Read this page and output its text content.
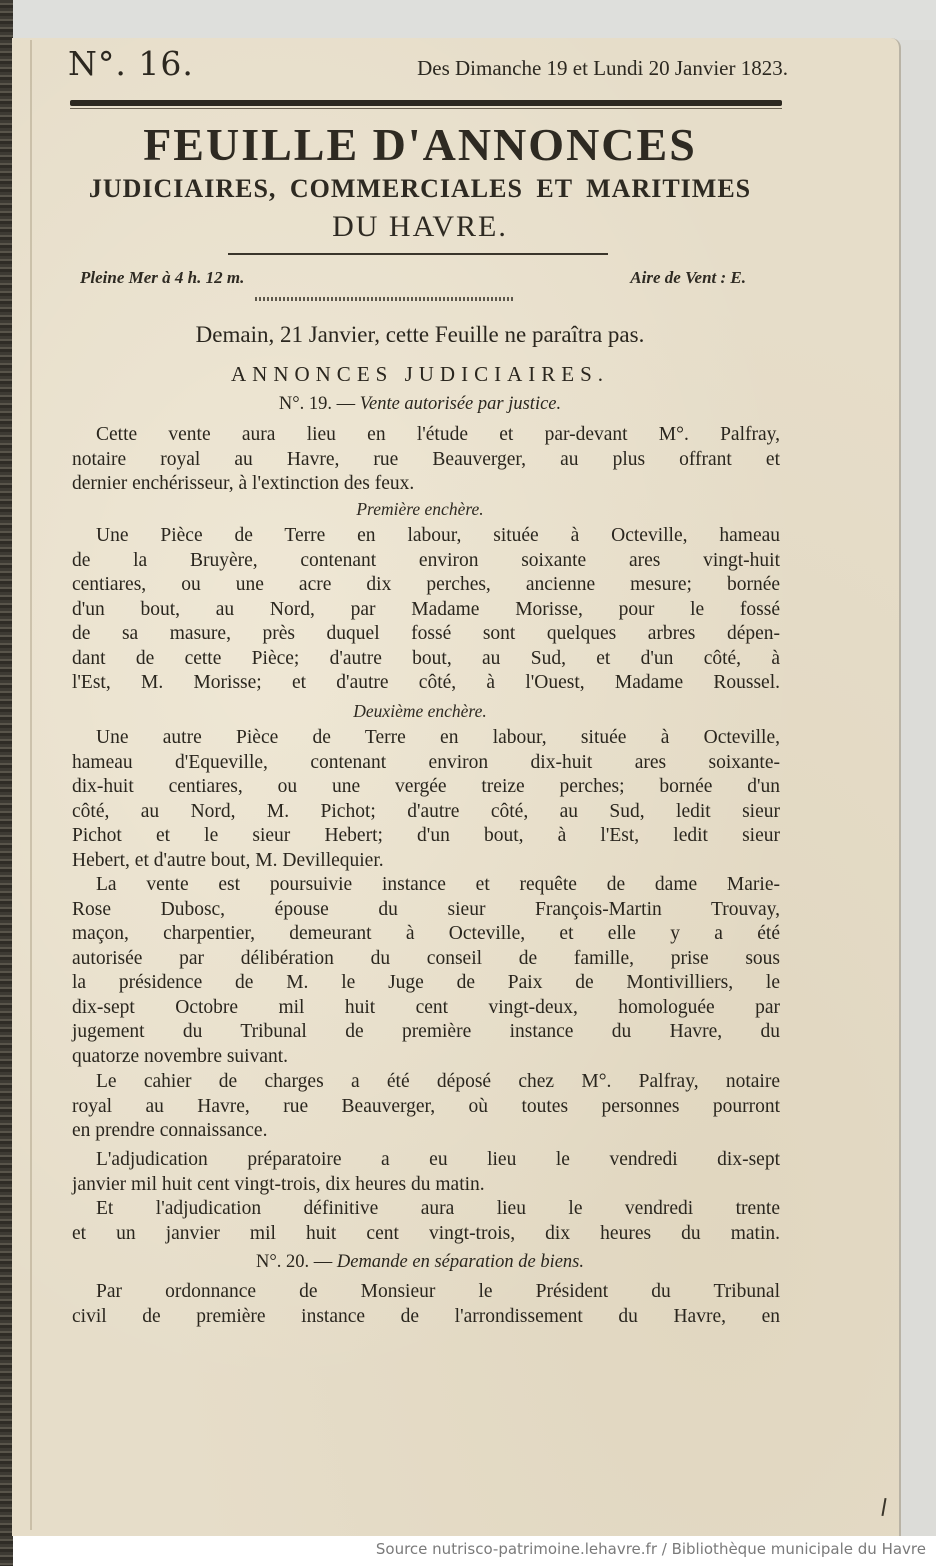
N°. 16.	Des Dimanche 19 et Lundi 20 Janvier 1823.
FEUILLE D'ANNONCES
JUDICIAIRES, COMMERCIALES ET MARITIMES
DU HAVRE.
Pleine Mer à 4 h. 12 m.	Aire de Vent : E.
Demain, 21 Janvier, cette Feuille ne paraîtra pas.
ANNONCES JUDICIAIRES.
N°. 19. — Vente autorisée par justice.
Cette vente aura lieu en l'étude et par-devant M°. Palfray,
notaire royal au Havre, rue Beauverger, au plus offrant et
dernier enchérisseur, à l'extinction des feux.
Première enchère.
Une Pièce de Terre en labour, située à Octeville, hameau
de la Bruyère, contenant environ soixante ares vingt-huit
centiares, ou une acre dix perches, ancienne mesure; bornée
d'un bout, au Nord, par Madame Morisse, pour le fossé
de sa masure, près duquel fossé sont quelques arbres dépen-
dant de cette Pièce; d'autre bout, au Sud, et d'un côté, à
l'Est, M. Morisse; et d'autre côté, à l'Ouest, Madame Roussel.
Deuxième enchère.
Une autre Pièce de Terre en labour, située à Octeville,
hameau d'Equeville, contenant environ dix-huit ares soixante-
dix-huit centiares, ou une vergée treize perches; bornée d'un
côté, au Nord, M. Pichot; d'autre côté, au Sud, ledit sieur
Pichot et le sieur Hebert; d'un bout, à l'Est, ledit sieur
Hebert, et d'autre bout, M. Devillequier.
La vente est poursuivie instance et requête de dame Marie-
Rose Dubosc, épouse du sieur François-Martin Trouvay,
maçon, charpentier, demeurant à Octeville, et elle y a été
autorisée par délibération du conseil de famille, prise sous
la présidence de M. le Juge de Paix de Montivilliers, le
dix-sept Octobre mil huit cent vingt-deux, homologuée par
jugement du Tribunal de première instance du Havre, du
quatorze novembre suivant.
Le cahier de charges a été déposé chez M°. Palfray, notaire
royal au Havre, rue Beauverger, où toutes personnes pourront
en prendre connaissance.
L'adjudication préparatoire a eu lieu le vendredi dix-sept
janvier mil huit cent vingt-trois, dix heures du matin.
Et l'adjudication définitive aura lieu le vendredi trente
et un janvier mil huit cent vingt-trois, dix heures du matin.
N°. 20. — Demande en séparation de biens.
Par ordonnance de Monsieur le Président du Tribunal
civil de première instance de l'arrondissement du Havre, en
Source nutrisco-patrimoine.lehavre.fr / Bibliothèque municipale du Havre
